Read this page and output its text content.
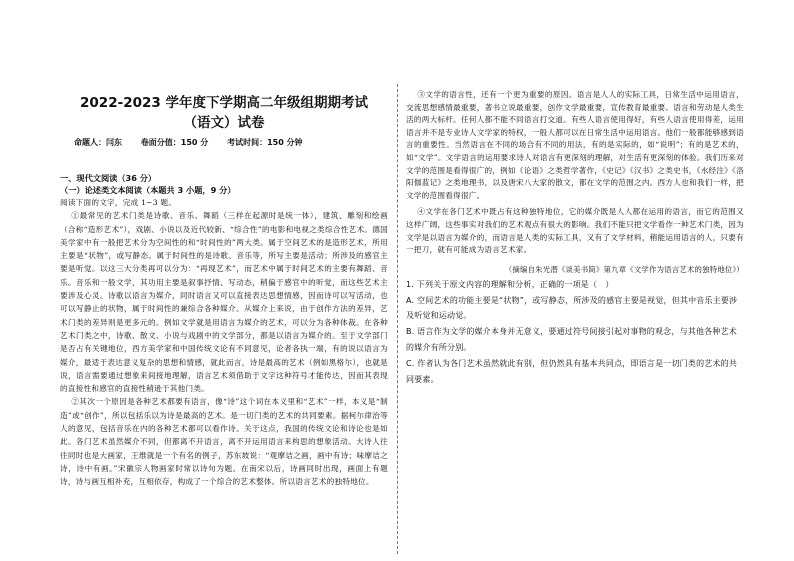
2022-2023 学年度下学期高二年级组期期考试
（语文）试卷
命题人：闫东 卷面分值：150 分 考试时间：150 分钟
一、现代文阅读（36 分）
（一）论述类文本阅读（本题共 3 小题，9 分）

阅读下面的文字，完成 1~3 题。

①最常见的艺术门类是诗歌、音乐、舞蹈（三样在起源时是统一体），建筑、雕刻和绘画（合称“造形艺术”），戏剧、小说以及近代较新、“综合性”的电影和电视之类综合性艺术。德国美学家中有一般把艺术分为空间性的和“时间性的”两大类。属于空间艺术的是造形艺术，所用主要是“状物”，或写静态。属于时间性的是诗歌、音乐等，所写主要是活动；所涉及的感官主要是听觉。以这三大分类再可以分为：“再现艺术”，而艺术中属于时间艺术的主要有舞蹈、音乐。音乐和一般文学，其功用主要是叙事抒情、写动态，稍偏于感官中的听觉，而这些艺术主要涉及心灵。诗歌以语言为媒介，同时语言又可以直接表达思想情感，因而诗可以写活动，也可以写静止的状物，属于时间性的兼综合各种媒介。从媒介上来说，由于创作方法的差异，艺术门类的差异则是更多元的。例如文学就是用语言为媒介的艺术，可以分为各种体裁。在各种艺术门类之中，诗歌、散文、小说与戏剧中的文学部分，都是以语言为媒介的。至于文学部门是否占有关键地位，西方美学家和中国传统文论有不同意见，论者各执一端，有的说以语言为媒介，最适于表达意义复杂的思想和情感，就此而言，诗是最高的艺术（例如黑格尔），也就是说，语言需要通过想象来间接地理解，语言艺术须借助于文字这种符号才能传达，因而其表现的直接性和感官的直接性稍逊于其他门类。

②其次一个原因是各种艺术都要有语言，像“诗”这个词在本义里和“艺术”一样，本义是“制造”或“创作”，所以包括乐以为诗是最高的艺术。是一切门类的艺术的共同要素。据柯尔律治等人的意见，包括音乐在内的各种艺术都可以看作诗。关于这点，我国的传统文论和诗论也是如此。各门艺术虽然媒介不同，但都离不开语言，离不开运用语言来构思的想象活动。大诗人往往同时也是大画家，王维就是一个有名的例子，苏东坡说：“观摩诘之画，画中有诗；味摩诘之诗，诗中有画。”宋徽宗人物画家时常以诗句为题。在南宋以后，诗画同时出现，画面上有题诗，诗与画互相补充，互相依存，构成了一个综合的艺术整体。所以语言艺术的独特地位。

③文学的语言性，还有一个更为重要的原因。语言是人人的实际工具，日常生活中运用语言，交流思想感情最重要，著书立说最重要，创作文学最重要，宣传教育最重要。语言和劳动是人类生活的两大标杆。任何人都不能不同语言打交道。有些人语言使用得好，有些人语言使用得差，运用语言并不是专业诗人文学家的特权，一般人都可以在日常生活中运用语言。他们一般都能够感到语言的重要性。当然语言在不同的场合有不同的用法，有的是实际的，如“说明”；有的是艺术的，如“文学”。文学语言的运用要求诗人对语言有更深刻的理解，对生活有更深刻的体验。我们历来对文学的范围是看得很广的，例如《论语》之类哲学著作，《史记》《汉书》之类史书，《水经注》《洛阳伽蓝记》之类地理书，以及唐宋八大家的散文，都在文学的范围之内。西方人也和我们一样，把文学的范围看得很广。

④文学在各门艺术中既占有这种独特地位，它的媒介既是人人都在运用的语言，而它的范围又这样广阔，这些事实对我们的艺术观点有很大的影响。我们不能只把文学看作一种艺术门类，因为文学是以语言为媒介的，而语言是人类的实际工具，又有了文学材料，稍能运用语言的人，只要有一把刀，就有可能成为语言艺术家。

（摘编自朱光潜《谈美书简》第九章《文学作为语言艺术的独特地位》）

1. 下列关于原文内容的理解和分析，正确的一项是（　）

A. 空间艺术的功能主要是“状物”，或写静态，所涉及的感官主要是视觉，但其中音乐主要涉及听觉和运动觉。

B. 语言作为文学的媒介本身并无意义，要通过符号间接引起对事物的观念，与其他各种艺术的媒介有所分别。

C. 作者认为各门艺术虽然就此有别，但仍然具有基本共同点，即语言是一切门类的艺术的共同要素。
